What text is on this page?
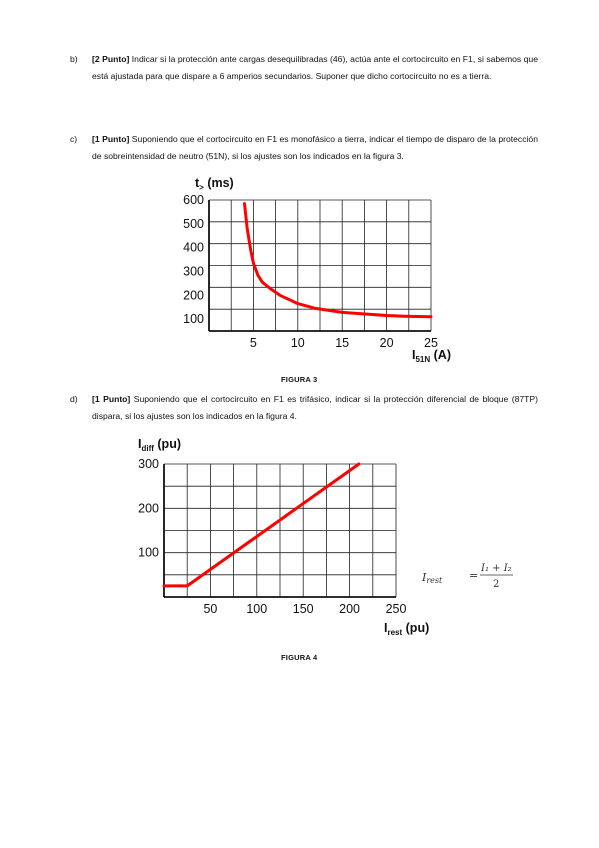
b) [2 Punto] Indicar si la protección ante cargas desequilibradas (46), actúa ante el cortocircuito en F1, si sabemos que está ajustada para que dispare a 6 amperios secundarios. Suponer que dicho cortocircuito no es a tierra.
c) [1 Punto] Suponiendo que el cortocircuito en F1 es monofásico a tierra, indicar el tiempo de disparo de la protección de sobreintensidad de neutro (51N), si los ajustes son los indicados en la figura 3.
d) [1 Punto] Suponiendo que el cortocircuito en F1 es trifásico, indicar si la protección diferencial de bloque (87TP) dispara, si los ajustes son los indicados en la figura 4.
100
200
300
400
500
600
5	10 15 20 25
$t_>$ (ms)
$I_{51N}$ (A)
FIGURA 3
100
200
300
50 100 150 200 250
$I_{diff}$ (pu)
$I_{rest}$ (pu)
Irest =
I₁ + I₂
2
FIGURA 4
